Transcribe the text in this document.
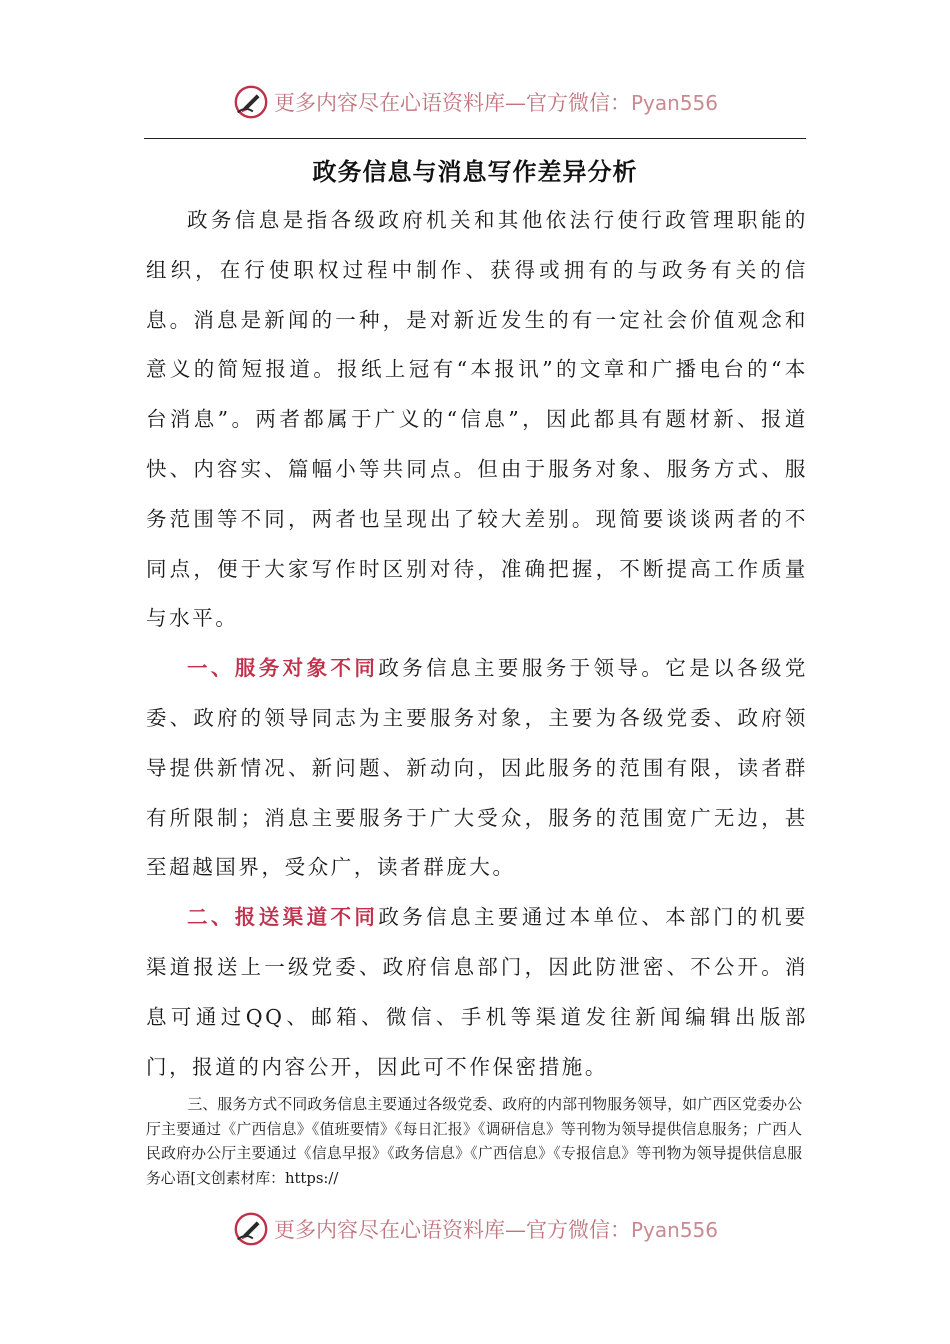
更多内容尽在心语资料库—官方微信：Pyan556
政务信息与消息写作差异分析

政务信息是指各级政府机关和其他依法行使行政管理职能的组织，在行使职权过程中制作、获得或拥有的与政务有关的信息。消息是新闻的一种，是对新近发生的有一定社会价值观念和意义的简短报道。报纸上冠有“本报讯”的文章和广播电台的“本台消息”。两者都属于广义的“信息”，因此都具有题材新、报道快、内容实、篇幅小等共同点。但由于服务对象、服务方式、服务范围等不同，两者也呈现出了较大差别。现简要谈谈两者的不同点，便于大家写作时区别对待，准确把握，不断提高工作质量与水平。

一、服务对象不同政务信息主要服务于领导。它是以各级党委、政府的领导同志为主要服务对象，主要为各级党委、政府领导提供新情况、新问题、新动向，因此服务的范围有限，读者群有所限制；消息主要服务于广大受众，服务的范围宽广无边，甚至超越国界，受众广，读者群庞大。

二、报送渠道不同政务信息主要通过本单位、本部门的机要渠道报送上一级党委、政府信息部门，因此防泄密、不公开。消息可通过QQ、邮箱、微信、手机等渠道发往新闻编辑出版部门，报道的内容公开，因此可不作保密措施。

三、服务方式不同政务信息主要通过各级党委、政府的内部刊物服务领导，如广西区党委办公厅主要通过《广西信息》《值班要情》《每日汇报》《调研信息》等刊物为领导提供信息服务；广西人民政府办公厅主要通过《信息早报》《政务信息》《广西信息》《专报信息》等刊物为领导提供信息服务心语[文创素材库：https://

更多内容尽在心语资料库—官方微信：Pyan556
